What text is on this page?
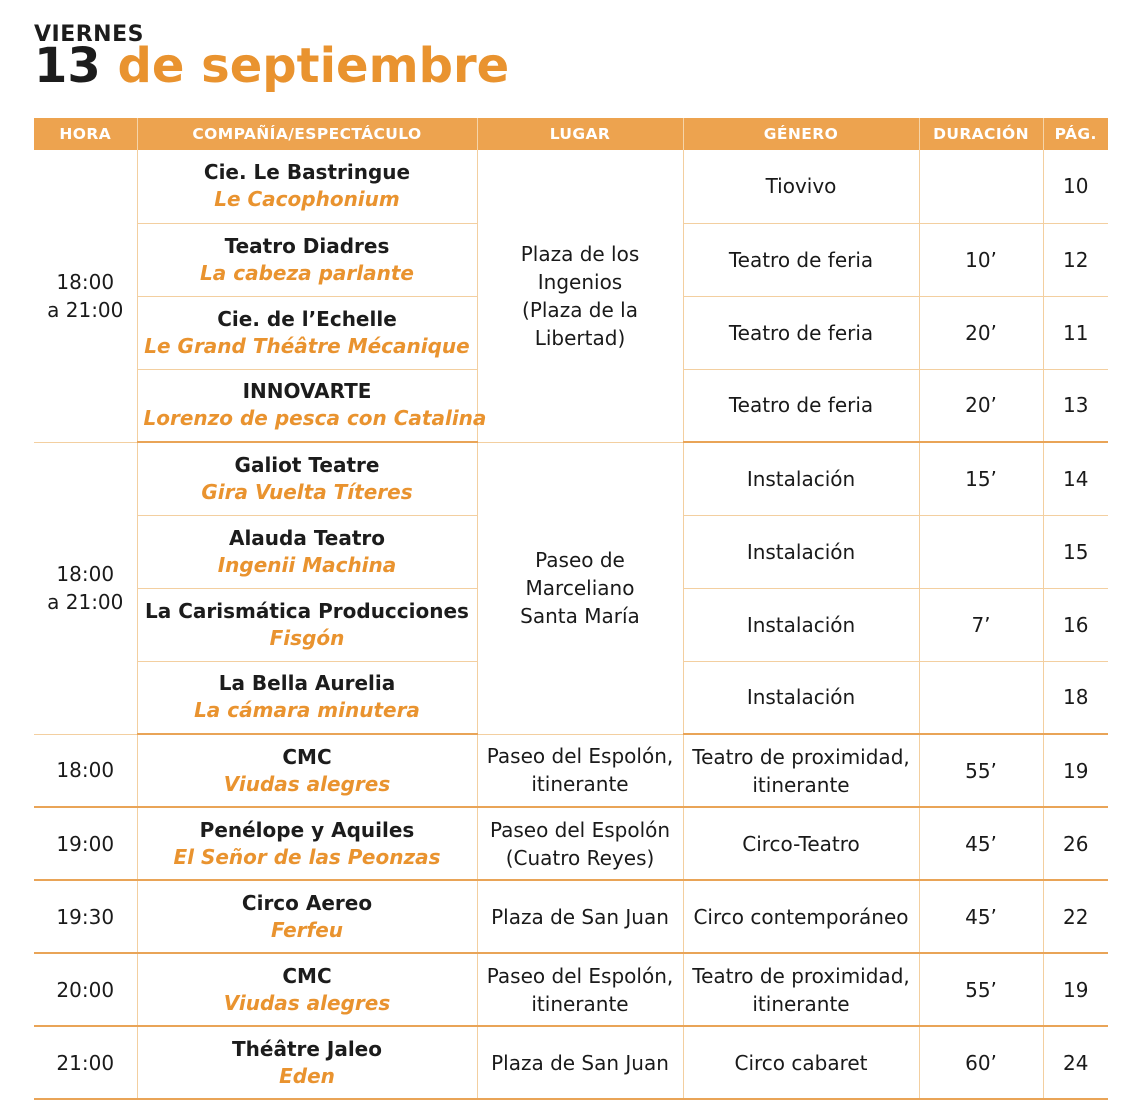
VIERNES
13 de septiembre
HORA	COMPAÑÍA/ESPECTÁCULO	LUGAR	GÉNERO	DURACIÓN	PÁG.
18:00
a 21:00	Cie. Le Bastringue
Le Cacophonium	Plaza de los
Ingenios
(Plaza de la
Libertad)	Tiovivo		10

	Teatro Diadres
La cabeza parlante		Teatro de feria	10’	12

	Cie. de l’Echelle
Le Grand Théâtre Mécanique		Teatro de feria	20’	11

	INNOVARTE
Lorenzo de pesca con Catalina		Teatro de feria	20’	13
18:00
a 21:00	Galiot Teatre
Gira Vuelta Títeres	Paseo de
Marceliano
Santa María	Instalación	15’	14

	Alauda Teatro
Ingenii Machina		Instalación		15

	La Carismática Producciones
Fisgón		Instalación	7’	16

	La Bella Aurelia
La cámara minutera		Instalación		18
18:00	CMC
Viudas alegres	Paseo del Espolón,
itinerante	Teatro de proximidad,
itinerante	55’	19
19:00	Penélope y Aquiles
El Señor de las Peonzas	Paseo del Espolón
(Cuatro Reyes)	Circo-Teatro	45’	26
19:30	Circo Aereo
Ferfeu	Plaza de San Juan	Circo contemporáneo	45’	22
20:00	CMC
Viudas alegres	Paseo del Espolón,
itinerante	Teatro de proximidad,
itinerante	55’	19
21:00	Théâtre Jaleo
Eden	Plaza de San Juan	Circo cabaret	60’	24
